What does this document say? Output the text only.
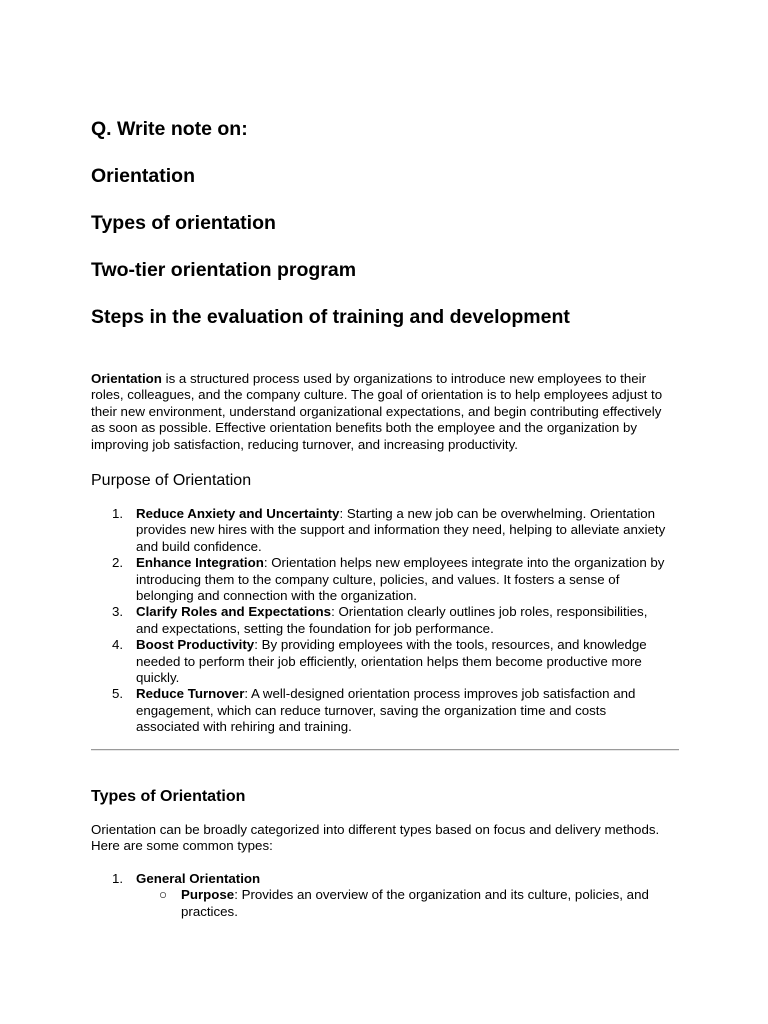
Q. Write note on:
Orientation
Types of orientation
Two-tier orientation program
Steps in the evaluation of training and development

Orientation is a structured process used by organizations to introduce new employees to their roles, colleagues, and the company culture. The goal of orientation is to help employees adjust to their new environment, understand organizational expectations, and begin contributing effectively as soon as possible. Effective orientation benefits both the employee and the organization by improving job satisfaction, reducing turnover, and increasing productivity.

Purpose of Orientation
1. Reduce Anxiety and Uncertainty: Starting a new job can be overwhelming. Orientation provides new hires with the support and information they need, helping to alleviate anxiety and build confidence.
2. Enhance Integration: Orientation helps new employees integrate into the organization by introducing them to the company culture, policies, and values. It fosters a sense of belonging and connection with the organization.
3. Clarify Roles and Expectations: Orientation clearly outlines job roles, responsibilities, and expectations, setting the foundation for job performance.
4. Boost Productivity: By providing employees with the tools, resources, and knowledge needed to perform their job efficiently, orientation helps them become productive more quickly.
5. Reduce Turnover: A well-designed orientation process improves job satisfaction and engagement, which can reduce turnover, saving the organization time and costs associated with rehiring and training.
Types of Orientation

Orientation can be broadly categorized into different types based on focus and delivery methods. Here are some common types:

1. General Orientation
○ Purpose: Provides an overview of the organization and its culture, policies, and practices.
